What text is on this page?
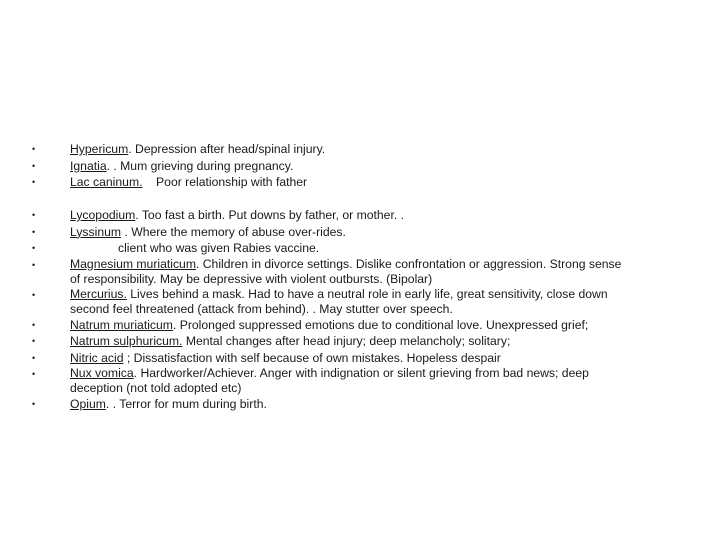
•	Hypericum. Depression after head/spinal injury.
•	Ignatia. . Mum grieving during pregnancy.
•	Lac caninum.    Poor relationship with father
•	Lycopodium. Too fast a birth. Put downs by father, or mother. .
•	Lyssinum . Where the memory of abuse over-rides.
•	client who was given Rabies vaccine.
•	Magnesium muriaticum. Children in divorce settings. Dislike confrontation or aggression. Strong sense of responsibility. May be depressive with violent outbursts. (Bipolar)
•	Mercurius. Lives behind a mask. Had to have a neutral role in early life, great sensitivity, close down second feel threatened (attack from behind). . May stutter over speech.
•	Natrum muriaticum. Prolonged suppressed emotions due to conditional love. Unexpressed grief;
•	Natrum sulphuricum. Mental changes after head injury; deep melancholy; solitary;
•	Nitric acid ; Dissatisfaction with self because of own mistakes. Hopeless despair
•	Nux vomica. Hardworker/Achiever. Anger with indignation or silent grieving from bad news; deep deception (not told adopted etc)
•	Opium. . Terror for mum during birth.
